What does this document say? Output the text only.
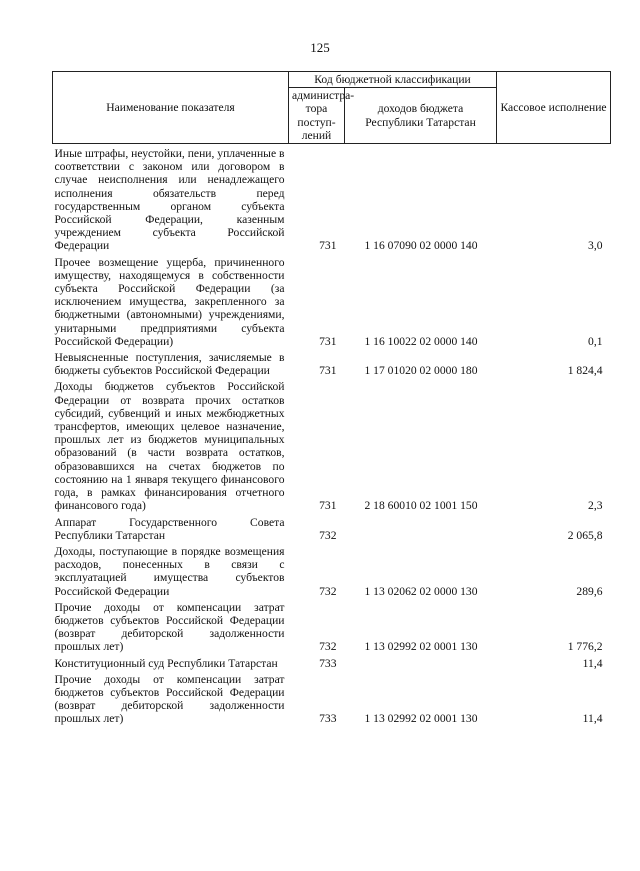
125
Наименование показателя	Код бюджетной классификации		Кассовое исполнение
	администра-тора поступ-лений	доходов бюджета Республики Татарстан	
Иные штрафы, неустойки, пени, уплаченные в соответствии с законом или договором в случае неисполнения или ненадлежащего исполнения обязательств перед государственным органом субъекта Российской Федерации, казенным учреждением субъекта Российской Федерации	731	1 16 07090 02 0000 140	3,0
Прочее возмещение ущерба, причиненного имуществу, находящемуся в собственности субъекта Российской Федерации (за исключением имущества, закрепленного за бюджетными (автономными) учреждениями, унитарными предприятиями субъекта Российской Федерации)	731	1 16 10022 02 0000 140	0,1
Невыясненные поступления, зачисляемые в бюджеты субъектов Российской Федерации	731	1 17 01020 02 0000 180	1 824,4
Доходы бюджетов субъектов Российской Федерации от возврата прочих остатков субсидий, субвенций и иных межбюджетных трансфертов, имеющих целевое назначение, прошлых лет из бюджетов муниципальных образований (в части возврата остатков, образовавшихся на счетах бюджетов по состоянию на 1 января текущего финансового года, в рамках финансирования отчетного финансового года)	731	2 18 60010 02 1001 150	2,3
Аппарат Государственного Совета Республики Татарстан	732		2 065,8
Доходы, поступающие в порядке возмещения расходов, понесенных в связи с эксплуатацией имущества субъектов Российской Федерации	732	1 13 02062 02 0000 130	289,6
Прочие доходы от компенсации затрат бюджетов субъектов Российской Федерации (возврат дебиторской задолженности прошлых лет)	732	1 13 02992 02 0001 130	1 776,2
Конституционный суд Республики Татарстан	733		11,4
Прочие доходы от компенсации затрат бюджетов субъектов Российской Федерации (возврат дебиторской задолженности прошлых лет)	733	1 13 02992 02 0001 130	11,4
